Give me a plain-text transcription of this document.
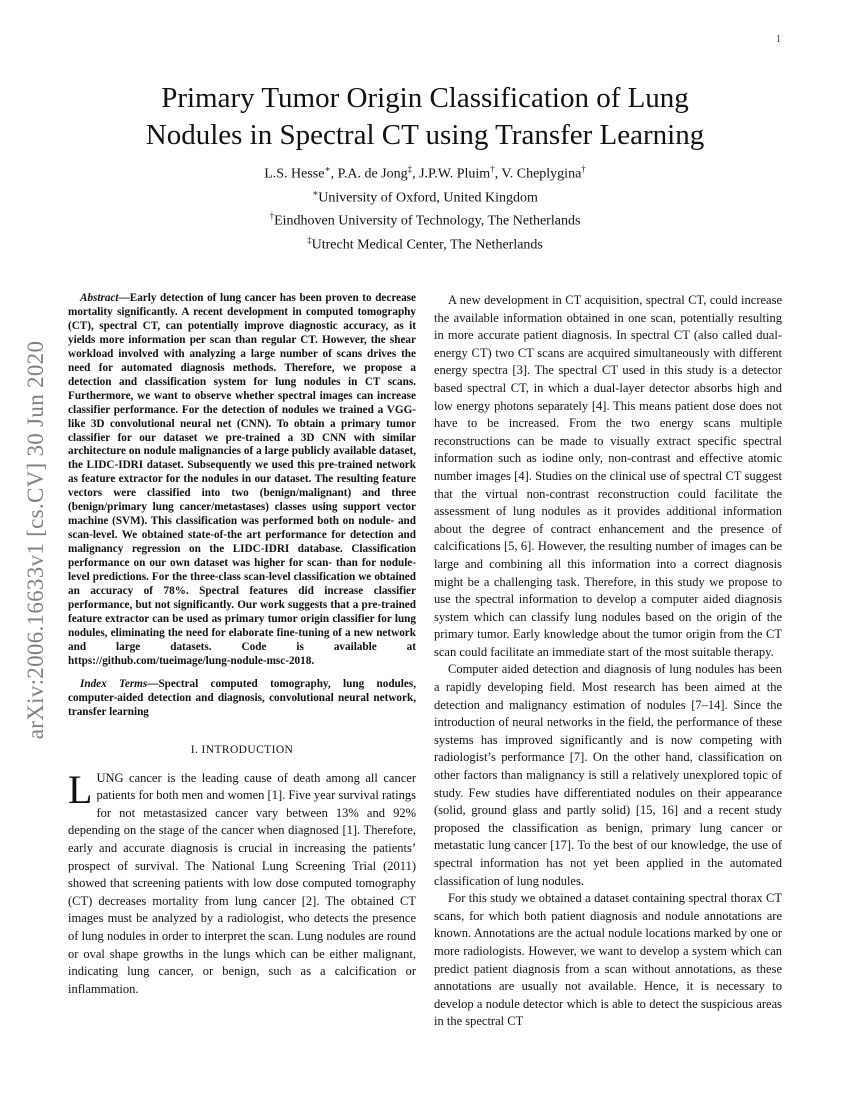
1
arXiv:2006.16633v1 [cs.CV] 30 Jun 2020
Primary Tumor Origin Classification of Lung
Nodules in Spectral CT using Transfer Learning
L.S. Hesse∗, P.A. de Jong‡, J.P.W. Pluim†, V. Cheplygina†
∗University of Oxford, United Kingdom
†Eindhoven University of Technology, The Netherlands
‡Utrecht Medical Center, The Netherlands

Abstract—Early detection of lung cancer has been proven to decrease mortality significantly. A recent development in computed tomography (CT), spectral CT, can potentially improve diagnostic accuracy, as it yields more information per scan than regular CT. However, the shear workload involved with analyzing a large number of scans drives the need for automated diagnosis methods. Therefore, we propose a detection and classification system for lung nodules in CT scans. Furthermore, we want to observe whether spectral images can increase classifier performance. For the detection of nodules we trained a VGG-like 3D convolutional neural net (CNN). To obtain a primary tumor classifier for our dataset we pre-trained a 3D CNN with similar architecture on nodule malignancies of a large publicly available dataset, the LIDC-IDRI dataset. Subsequently we used this pre-trained network as feature extractor for the nodules in our dataset. The resulting feature vectors were classified into two (benign/malignant) and three (benign/primary lung cancer/metastases) classes using support vector machine (SVM). This classification was performed both on nodule- and scan-level. We obtained state-of-the art performance for detection and malignancy regression on the LIDC-IDRI database. Classification performance on our own dataset was higher for scan- than for nodule-level predictions. For the three-class scan-level classification we obtained an accuracy of 78%. Spectral features did increase classifier performance, but not significantly. Our work suggests that a pre-trained feature extractor can be used as primary tumor origin classifier for lung nodules, eliminating the need for elaborate fine-tuning of a new network and large datasets. Code is available at https://github.com/tueimage/lung-nodule-msc-2018.

Index Terms—Spectral computed tomography, lung nodules, computer-aided detection and diagnosis, convolutional neural network, transfer learning

I. INTRODUCTION

LUNG cancer is the leading cause of death among all cancer patients for both men and women [1]. Five year survival ratings for not metastasized cancer vary between 13% and 92% depending on the stage of the cancer when diagnosed [1]. Therefore, early and accurate diagnosis is crucial in increasing the patients’ prospect of survival. The National Lung Screening Trial (2011) showed that screening patients with low dose computed tomography (CT) decreases mortality from lung cancer [2]. The obtained CT images must be analyzed by a radiologist, who detects the presence of lung nodules in order to interpret the scan. Lung nodules are round or oval shape growths in the lungs which can be either malignant, indicating lung cancer, or benign, such as a calcification or inflammation.

A new development in CT acquisition, spectral CT, could increase the available information obtained in one scan, potentially resulting in more accurate patient diagnosis. In spectral CT (also called dual-energy CT) two CT scans are acquired simultaneously with different energy spectra [3]. The spectral CT used in this study is a detector based spectral CT, in which a dual-layer detector absorbs high and low energy photons separately [4]. This means patient dose does not have to be increased. From the two energy scans multiple reconstructions can be made to visually extract specific spectral information such as iodine only, non-contrast and effective atomic number images [4]. Studies on the clinical use of spectral CT suggest that the virtual non-contrast reconstruction could facilitate the assessment of lung nodules as it provides additional information about the degree of contract enhancement and the presence of calcifications [5, 6]. However, the resulting number of images can be large and combining all this information into a correct diagnosis might be a challenging task. Therefore, in this study we propose to use the spectral information to develop a computer aided diagnosis system which can classify lung nodules based on the origin of the primary tumor. Early knowledge about the tumor origin from the CT scan could facilitate an immediate start of the most suitable therapy.

Computer aided detection and diagnosis of lung nodules has been a rapidly developing field. Most research has been aimed at the detection and malignancy estimation of nodules [7–14]. Since the introduction of neural networks in the field, the performance of these systems has improved significantly and is now competing with radiologist’s performance [7]. On the other hand, classification on other factors than malignancy is still a relatively unexplored topic of study. Few studies have differentiated nodules on their appearance (solid, ground glass and partly solid) [15, 16] and a recent study proposed the classification as benign, primary lung cancer or metastatic lung cancer [17]. To the best of our knowledge, the use of spectral information has not yet been applied in the automated classification of lung nodules.

For this study we obtained a dataset containing spectral thorax CT scans, for which both patient diagnosis and nodule annotations are known. Annotations are the actual nodule locations marked by one or more radiologists. However, we want to develop a system which can predict patient diagnosis from a scan without annotations, as these annotations are usually not available. Hence, it is necessary to develop a nodule detector which is able to detect the suspicious areas in the spectral CT
